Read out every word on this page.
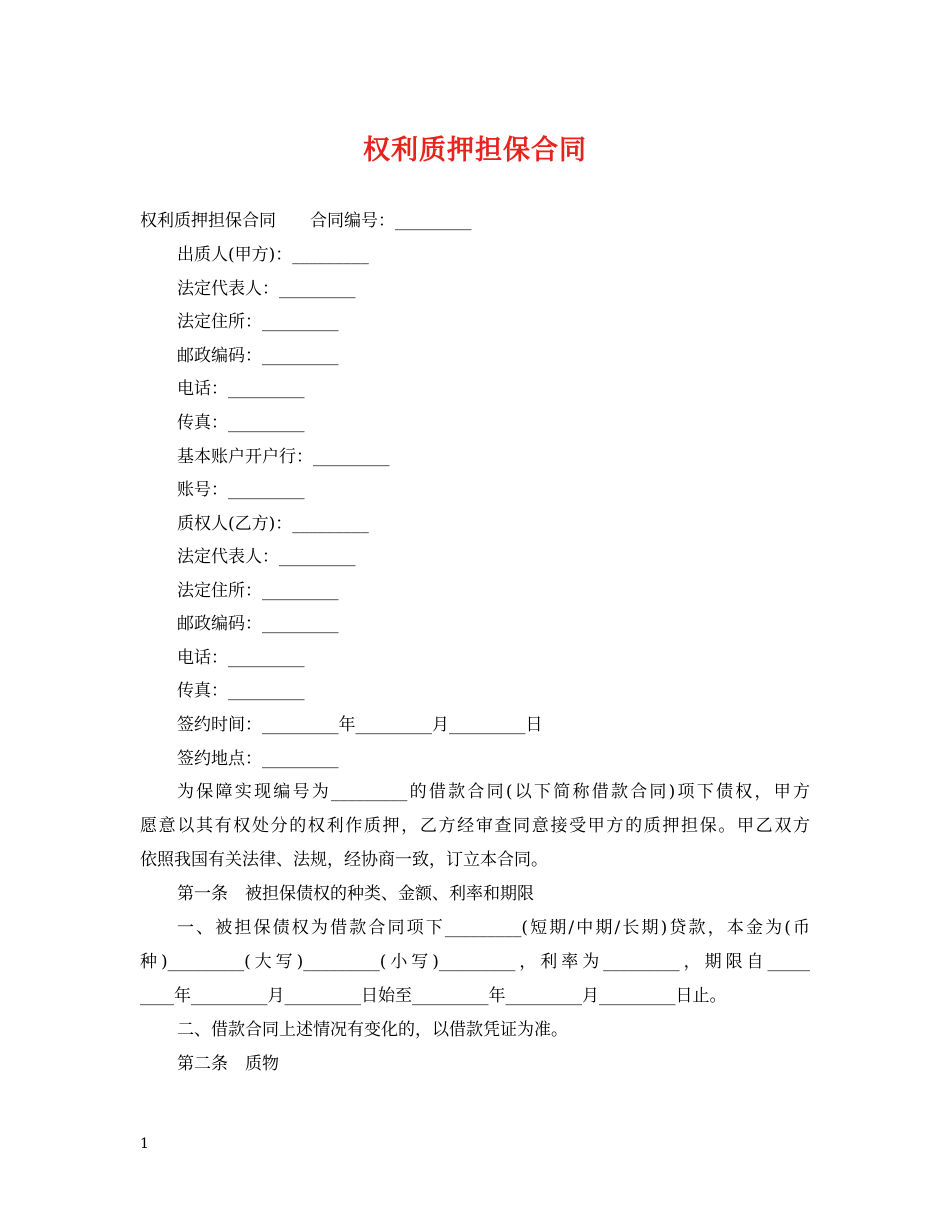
权利质押担保合同
权利质押担保合同　　合同编号：_________
出质人(甲方)：_________
法定代表人：_________
法定住所：_________
邮政编码：_________
电话：_________
传真：_________
基本账户开户行：_________
账号：_________
质权人(乙方)：_________
法定代表人：_________
法定住所：_________
邮政编码：_________
电话：_________
传真：_________
签约时间：_________年_________月_________日
签约地点：_________
为保障实现编号为_________的借款合同(以下简称借款合同)项下债权，甲方
愿意以其有权处分的权利作质押，乙方经审查同意接受甲方的质押担保。甲乙双方
依照我国有关法律、法规，经协商一致，订立本合同。
第一条　被担保债权的种类、金额、利率和期限
一、被担保债权为借款合同项下_________(短期/中期/长期)贷款，本金为(币
种)_________(大写)_________(小写)_________，利率为_________，期限自_____
____年_________月_________日始至_________年_________月_________日止。
二、借款合同上述情况有变化的，以借款凭证为准。
第二条　质物
1
